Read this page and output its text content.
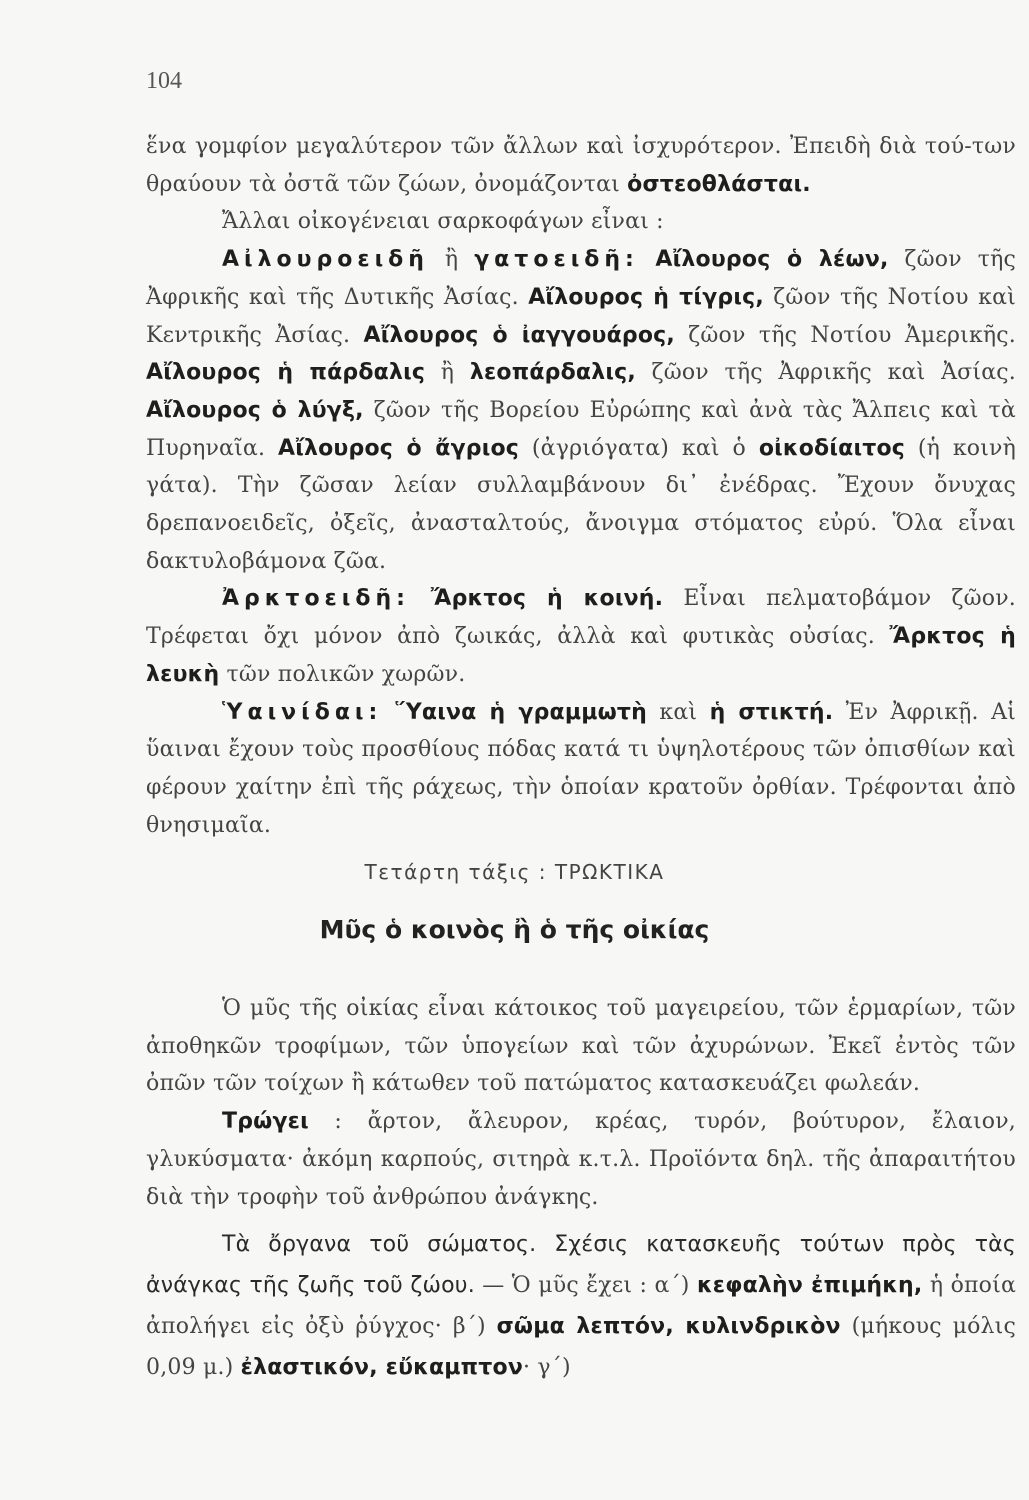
104

ἕνα γομφίον μεγαλύτερον τῶν ἄλλων καὶ ἰσχυρότερον. Ἐπειδὴ διὰ τού-των θραύουν τὰ ὀστᾶ τῶν ζώων, ὀνομάζονται ὀστεοθλάσται.

Ἄλλαι οἰκογένειαι σαρκοφάγων εἶναι :

Αἰλουροειδῆ ἢ γατοειδῆ: Αἴλουρος ὁ λέων, ζῶον τῆς Ἀφρικῆς καὶ τῆς Δυτικῆς Ἀσίας. Αἴλουρος ἡ τίγρις, ζῶον τῆς Νοτίου καὶ Κεντρικῆς Ἀσίας. Αἴλουρος ὁ ἰαγγουάρος, ζῶον τῆς Νοτίου Ἀμερικῆς. Αἴλουρος ἡ πάρδαλις ἢ λεοπάρδαλις, ζῶον τῆς Ἀφρικῆς καὶ Ἀσίας. Αἴλουρος ὁ λύγξ, ζῶον τῆς Βορείου Εὐρώπης καὶ ἀνὰ τὰς Ἄλπεις καὶ τὰ Πυρηναῖα. Αἴλουρος ὁ ἄγριος (ἀγριόγατα) καὶ ὁ οἰκοδίαιτος (ἡ κοινὴ γάτα). Τὴν ζῶσαν λείαν συλλαμβάνουν δι᾽ ἐνέδρας. Ἔχουν ὄνυχας δρεπανοειδεῖς, ὀξεῖς, ἀνασταλτούς, ἄνοιγμα στόματος εὐρύ. Ὅλα εἶναι δακτυλοβάμονα ζῶα.

Ἀρκτοειδῆ: Ἄρκτος ἡ κοινή. Εἶναι πελματοβάμον ζῶον. Τρέφεται ὄχι μόνον ἀπὸ ζωικάς, ἀλλὰ καὶ φυτικὰς οὐσίας. Ἄρκτος ἡ λευκὴ τῶν πολικῶν χωρῶν.

Ὑαινίδαι: Ὕαινα ἡ γραμμωτὴ καὶ ἡ στικτή. Ἐν Ἀφρικῇ. Αἱ ὕαιναι ἔχουν τοὺς προσθίους πόδας κατά τι ὑψηλοτέρους τῶν ὀπισθίων καὶ φέρουν χαίτην ἐπὶ τῆς ράχεως, τὴν ὁποίαν κρατοῦν ὀρθίαν. Τρέφονται ἀπὸ θνησιμαῖα.

Τετάρτη τάξις : ΤΡΩΚΤΙΚΑ
Μῦς ὁ κοινὸς ἢ ὁ τῆς οἰκίας

Ὁ μῦς τῆς οἰκίας εἶναι κάτοικος τοῦ μαγειρείου, τῶν ἑρμαρίων, τῶν ἀποθηκῶν τροφίμων, τῶν ὑπογείων καὶ τῶν ἀχυρώνων. Ἐκεῖ ἐντὸς τῶν ὀπῶν τῶν τοίχων ἢ κάτωθεν τοῦ πατώματος κατασκευάζει φωλεάν.

Τρώγει : ἄρτον, ἄλευρον, κρέας, τυρόν, βούτυρον, ἔλαιον, γλυκύσματα· ἀκόμη καρπούς, σιτηρὰ κ.τ.λ. Προϊόντα δηλ. τῆς ἀπαραιτήτου διὰ τὴν τροφὴν τοῦ ἀνθρώπου ἀνάγκης.

Τὰ ὄργανα τοῦ σώματος. Σχέσις κατασκευῆς τούτων πρὸς τὰς ἀνάγκας τῆς ζωῆς τοῦ ζώου. — Ὁ μῦς ἔχει : α΄) κεφαλὴν ἐπιμήκη, ἡ ὁποία ἀπολήγει εἰς ὀξὺ ῥύγχος· β΄) σῶμα λεπτόν, κυλινδρικὸν (μήκους μόλις 0,09 μ.) ἐλαστικόν, εὔκαμπτον· γ΄)
